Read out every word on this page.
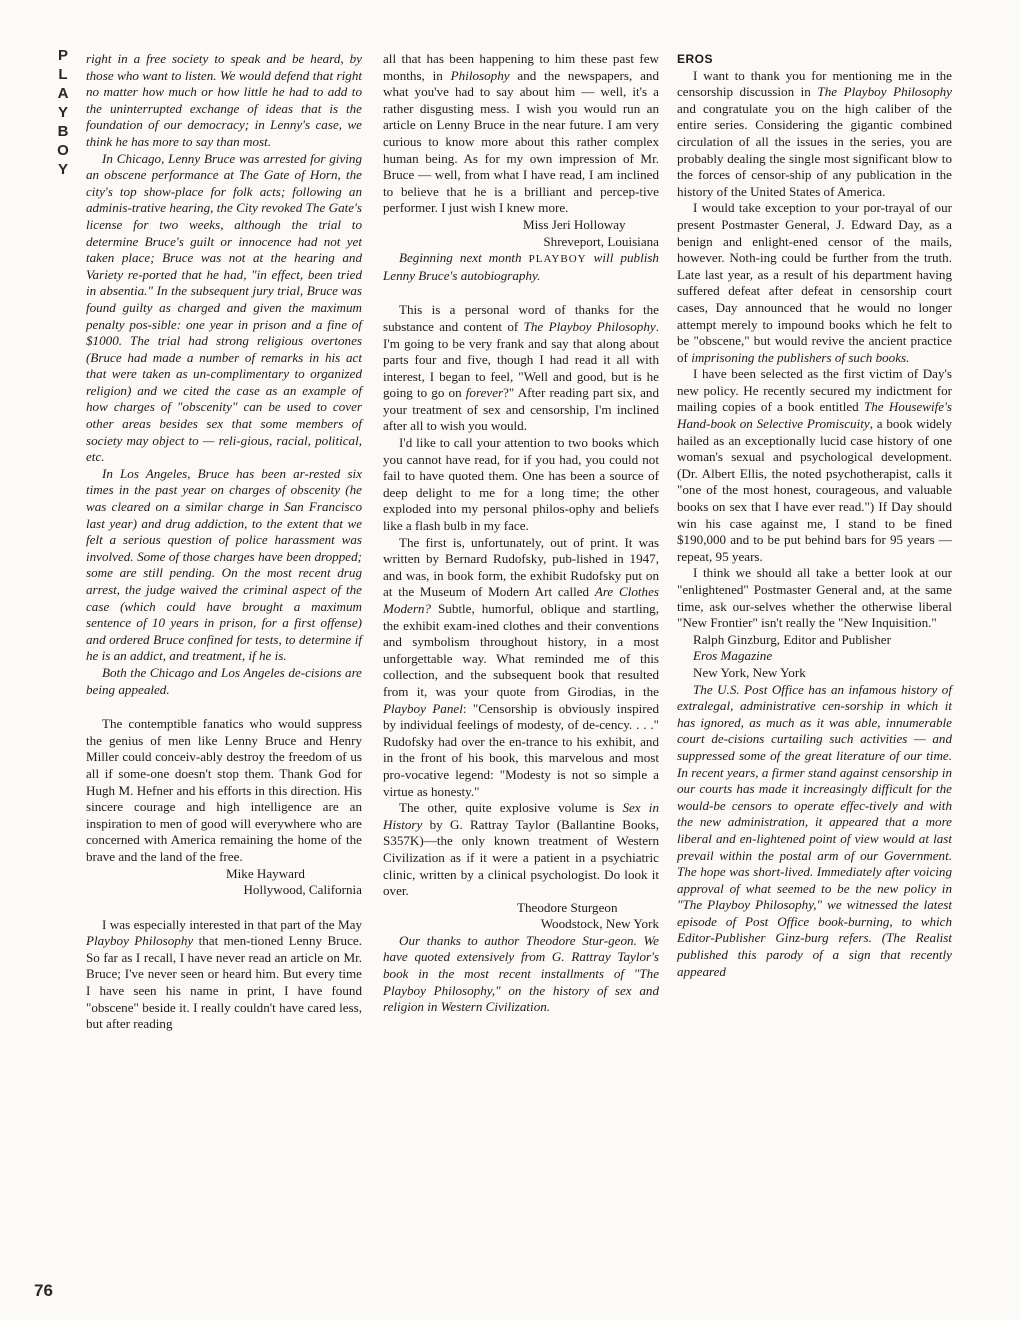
P
L
A
Y
B
O
Y
76

right in a free society to speak and be heard, by those who want to listen. We would defend that right no matter how much or how little he had to add to the uninterrupted exchange of ideas that is the foundation of our democracy; in Lenny's case, we think he has more to say than most.

In Chicago, Lenny Bruce was arrested for giving an obscene performance at The Gate of Horn, the city's top show-place for folk acts; following an adminis-trative hearing, the City revoked The Gate's license for two weeks, although the trial to determine Bruce's guilt or innocence had not yet taken place; Bruce was not at the hearing and Variety re-ported that he had, "in effect, been tried in absentia." In the subsequent jury trial, Bruce was found guilty as charged and given the maximum penalty pos-sible: one year in prison and a fine of $1000. The trial had strong religious overtones (Bruce had made a number of remarks in his act that were taken as un-complimentary to organized religion) and we cited the case as an example of how charges of "obscenity" can be used to cover other areas besides sex that some members of society may object to — reli-gious, racial, political, etc.

In Los Angeles, Bruce has been ar-rested six times in the past year on charges of obscenity (he was cleared on a similar charge in San Francisco last year) and drug addiction, to the extent that we felt a serious question of police harassment was involved. Some of those charges have been dropped; some are still pending. On the most recent drug arrest, the judge waived the criminal aspect of the case (which could have brought a maximum sentence of 10 years in prison, for a first offense) and ordered Bruce confined for tests, to determine if he is an addict, and treatment, if he is.

Both the Chicago and Los Angeles de-cisions are being appealed.

The contemptible fanatics who would suppress the genius of men like Lenny Bruce and Henry Miller could conceiv-ably destroy the freedom of us all if some-one doesn't stop them. Thank God for Hugh M. Hefner and his efforts in this direction. His sincere courage and high intelligence are an inspiration to men of good will everywhere who are concerned with America remaining the home of the brave and the land of the free.

Mike Hayward

Hollywood, California

I was especially interested in that part of the May Playboy Philosophy that men-tioned Lenny Bruce. So far as I recall, I have never read an article on Mr. Bruce; I've never seen or heard him. But every time I have seen his name in print, I have found "obscene" beside it. I really couldn't have cared less, but after reading

all that has been happening to him these past few months, in Philosophy and the newspapers, and what you've had to say about him — well, it's a rather disgusting mess. I wish you would run an article on Lenny Bruce in the near future. I am very curious to know more about this rather complex human being. As for my own impression of Mr. Bruce — well, from what I have read, I am inclined to believe that he is a brilliant and percep-tive performer. I just wish I knew more.

Miss Jeri Holloway

Shreveport, Louisiana

Beginning next month PLAYBOY will publish Lenny Bruce's autobiography.

This is a personal word of thanks for the substance and content of The Playboy Philosophy. I'm going to be very frank and say that along about parts four and five, though I had read it all with interest, I began to feel, "Well and good, but is he going to go on forever?" After reading part six, and your treatment of sex and censorship, I'm inclined after all to wish you would.

I'd like to call your attention to two books which you cannot have read, for if you had, you could not fail to have quoted them. One has been a source of deep delight to me for a long time; the other exploded into my personal philos-ophy and beliefs like a flash bulb in my face.

The first is, unfortunately, out of print. It was written by Bernard Rudofsky, pub-lished in 1947, and was, in book form, the exhibit Rudofsky put on at the Museum of Modern Art called Are Clothes Modern? Subtle, humorful, oblique and startling, the exhibit exam-ined clothes and their conventions and symbolism throughout history, in a most unforgettable way. What reminded me of this collection, and the subsequent book that resulted from it, was your quote from Girodias, in the Playboy Panel: "Censorship is obviously inspired by individual feelings of modesty, of de-cency. . . ." Rudofsky had over the en-trance to his exhibit, and in the front of his book, this marvelous and most pro-vocative legend: "Modesty is not so simple a virtue as honesty."

The other, quite explosive volume is Sex in History by G. Rattray Taylor (Ballantine Books, S357K)—the only known treatment of Western Civilization as if it were a patient in a psychiatric clinic, written by a clinical psychologist. Do look it over.

Theodore Sturgeon

Woodstock, New York

Our thanks to author Theodore Stur-geon. We have quoted extensively from G. Rattray Taylor's book in the most recent installments of "The Playboy Philosophy," on the history of sex and religion in Western Civilization.

EROS

I want to thank you for mentioning me in the censorship discussion in The Playboy Philosophy and congratulate you on the high caliber of the entire series. Considering the gigantic combined circulation of all the issues in the series, you are probably dealing the single most significant blow to the forces of censor-ship of any publication in the history of the United States of America.

I would take exception to your por-trayal of our present Postmaster General, J. Edward Day, as a benign and enlight-ened censor of the mails, however. Noth-ing could be further from the truth. Late last year, as a result of his department having suffered defeat after defeat in censorship court cases, Day announced that he would no longer attempt merely to impound books which he felt to be "obscene," but would revive the ancient practice of imprisoning the publishers of such books.

I have been selected as the first victim of Day's new policy. He recently secured my indictment for mailing copies of a book entitled The Housewife's Hand-book on Selective Promiscuity, a book widely hailed as an exceptionally lucid case history of one woman's sexual and psychological development. (Dr. Albert Ellis, the noted psychotherapist, calls it "one of the most honest, courageous, and valuable books on sex that I have ever read.") If Day should win his case against me, I stand to be fined $190,000 and to be put behind bars for 95 years — repeat, 95 years.

I think we should all take a better look at our "enlightened" Postmaster General and, at the same time, ask our-selves whether the otherwise liberal "New Frontier" isn't really the "New Inquisition."

Ralph Ginzburg, Editor and Publisher

Eros Magazine

New York, New York

The U.S. Post Office has an infamous history of extralegal, administrative cen-sorship in which it has ignored, as much as it was able, innumerable court de-cisions curtailing such activities — and suppressed some of the great literature of our time. In recent years, a firmer stand against censorship in our courts has made it increasingly difficult for the would-be censors to operate effec-tively and with the new administration, it appeared that a more liberal and en-lightened point of view would at last prevail within the postal arm of our Government. The hope was short-lived. Immediately after voicing approval of what seemed to be the new policy in "The Playboy Philosophy," we witnessed the latest episode of Post Office book-burning, to which Editor-Publisher Ginz-burg refers. (The Realist published this parody of a sign that recently appeared
